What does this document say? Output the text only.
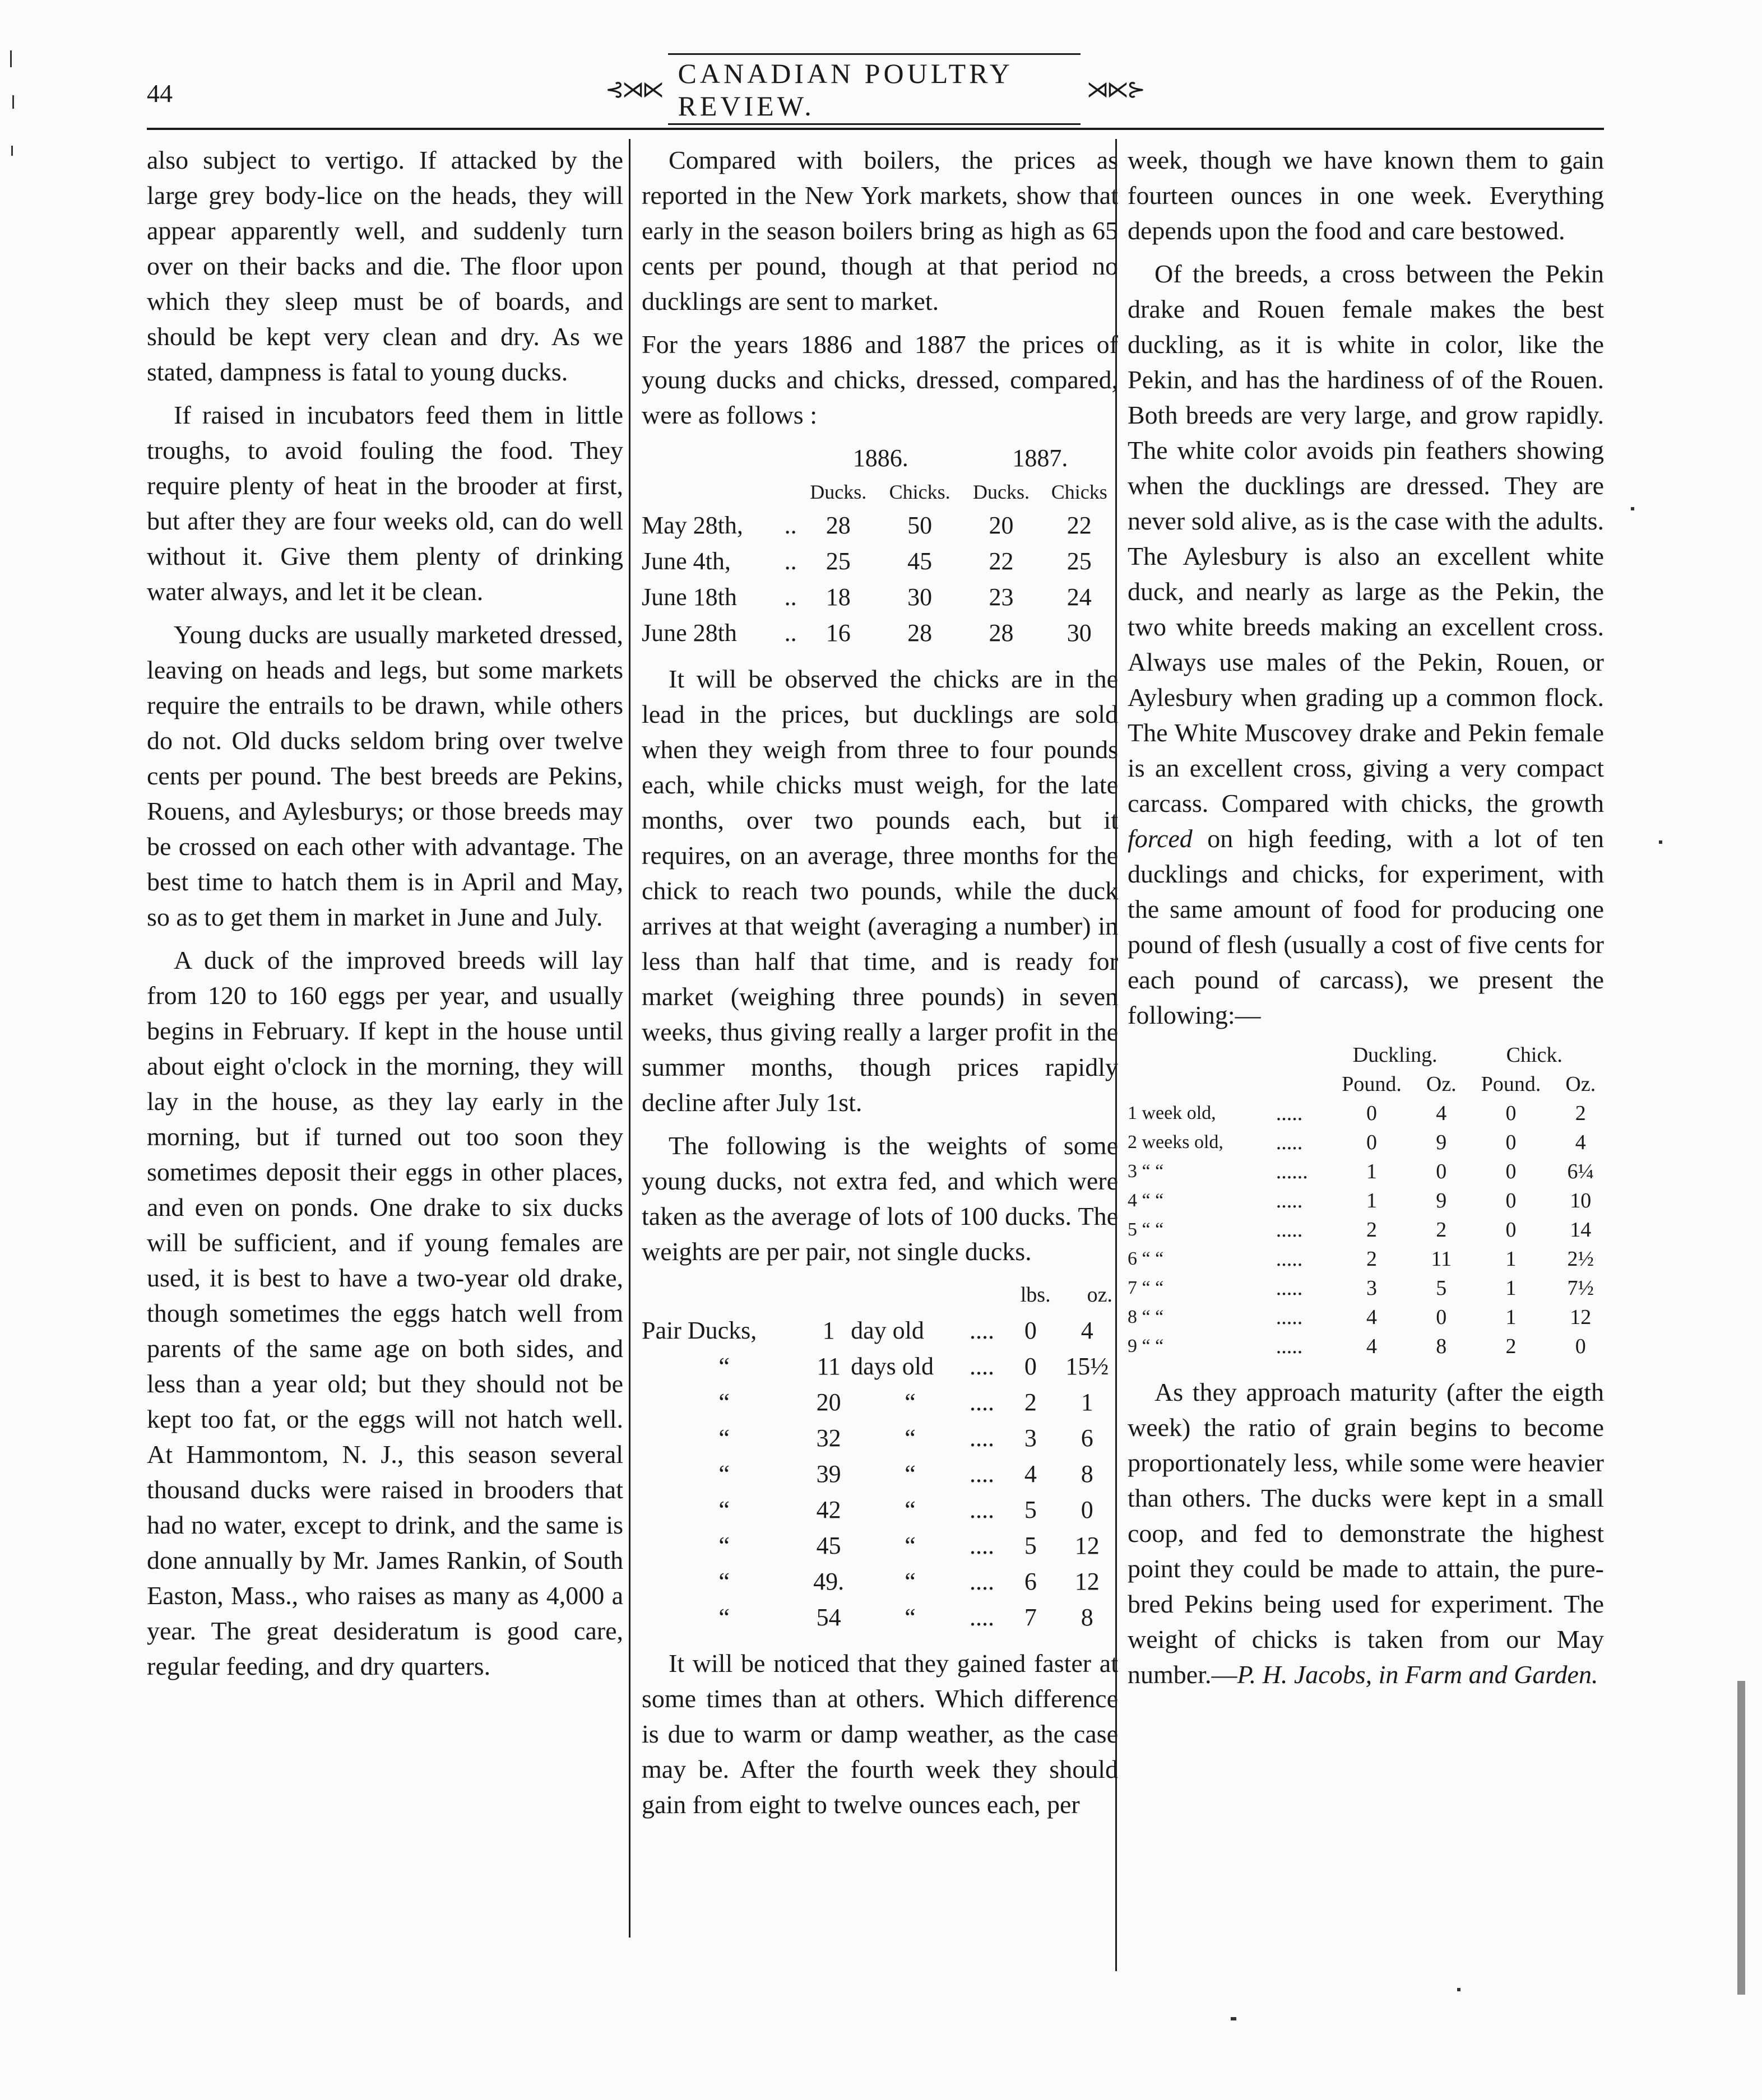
44	⊰⋊⋉ CANADIAN POULTRY REVIEW.
⋊⋉⊱

also subject to vertigo. If attacked by the large grey body-lice on the heads, they will appear apparently well, and suddenly turn over on their backs and die. The floor upon which they sleep must be of boards, and should be kept very clean and dry. As we stated, dampness is fatal to young ducks.

If raised in incubators feed them in little troughs, to avoid fouling the food. They require plenty of heat in the brooder at first, but after they are four weeks old, can do well without it. Give them plenty of drinking water always, and let it be clean.

Young ducks are usually marketed dressed, leaving on heads and legs, but some markets require the entrails to be drawn, while others do not. Old ducks seldom bring over twelve cents per pound. The best breeds are Pekins, Rouens, and Aylesburys; or those breeds may be crossed on each other with advantage. The best time to hatch them is in April and May, so as to get them in market in June and July.

A duck of the improved breeds will lay from 120 to 160 eggs per year, and usually begins in February. If kept in the house until about eight o'clock in the morning, they will lay in the house, as they lay early in the morning, but if turned out too soon they sometimes deposit their eggs in other places, and even on ponds. One drake to six ducks will be sufficient, and if young females are used, it is best to have a two-year old drake, though sometimes the eggs hatch well from parents of the same age on both sides, and less than a year old; but they should not be kept too fat, or the eggs will not hatch well. At Hammontom, N. J., this season several thousand ducks were raised in brooders that had no water, except to drink, and the same is done annually by Mr. James Rankin, of South Easton, Mass., who raises as many as 4,000 a year. The great desideratum is good care, regular feeding, and dry quarters.

Compared with boilers, the prices as reported in the New York markets, show that early in the season boilers bring as high as 65 cents per pound, though at that period no ducklings are sent to market.

For the years 1886 and 1887 the prices of young ducks and chicks, dressed, compared, were as follows :

		1886.		1887.	
		Ducks.	Chicks.	Ducks.	Chicks
May 28th,	..	28	50	20	22
June 4th,	..	25	45	22	25
June 18th	..	18	30	23	24
June 28th	..	16	28	28	30

It will be observed the chicks are in the lead in the prices, but ducklings are sold when they weigh from three to four pounds each, while chicks must weigh, for the late months, over two pounds each, but it requires, on an average, three months for the chick to reach two pounds, while the duck arrives at that weight (averaging a number) in less than half that time, and is ready for market (weighing three pounds) in seven weeks, thus giving really a larger profit in the summer months, though prices rapidly decline after July 1st.

The following is the weights of some young ducks, not extra fed, and which were taken as the average of lots of 100 ducks. The weights are per pair, not single ducks.

				lbs.	oz.
Pair Ducks,	1	day old	....	0	4
“	11	days old	....	0	15½
“	20	“	....	2	1
“	32	“	....	3	6
“	39	“	....	4	8
“	42	“	....	5	0
“	45	“	....	5	12
“	49.	“	....	6	12
“	54	“	....	7	8

It will be noticed that they gained faster at some times than at others. Which difference is due to warm or damp weather, as the case may be. After the fourth week they should gain from eight to twelve ounces each, per

week, though we have known them to gain fourteen ounces in one week. Everything depends upon the food and care bestowed.

Of the breeds, a cross between the Pekin drake and Rouen female makes the best duckling, as it is white in color, like the Pekin, and has the hardiness of of the Rouen. Both breeds are very large, and grow rapidly. The white color avoids pin feathers showing when the ducklings are dressed. They are never sold alive, as is the case with the adults. The Aylesbury is also an excellent white duck, and nearly as large as the Pekin, the two white breeds making an excellent cross. Always use males of the Pekin, Rouen, or Aylesbury when grading up a common flock. The White Muscovey drake and Pekin female is an excellent cross, giving a very compact carcass. Compared with chicks, the growth forced on high feeding, with a lot of ten ducklings and chicks, for experiment, with the same amount of food for producing one pound of flesh (usually a cost of five cents for each pound of carcass), we present the following:—

		Duckling.		Chick.	
		Pound.	Oz.	Pound.	Oz.
1 week old,	.....	0	4	0	2
2 weeks old,	.....	0	9	0	4
3 “ “	......	1	0	0	6¼
4 “ “	.....	1	9	0	10
5 “ “	.....	2	2	0	14
6 “ “	.....	2	11	1	2½
7 “ “	.....	3	5	1	7½
8 “ “	.....	4	0	1	12
9 “ “	.....	4	8	2	0

As they approach maturity (after the eigth week) the ratio of grain begins to become proportionately less, while some were heavier than others. The ducks were kept in a small coop, and fed to demonstrate the highest point they could be made to attain, the pure-bred Pekins being used for experiment. The weight of chicks is taken from our May number.—P. H. Jacobs, in Farm and Garden.
